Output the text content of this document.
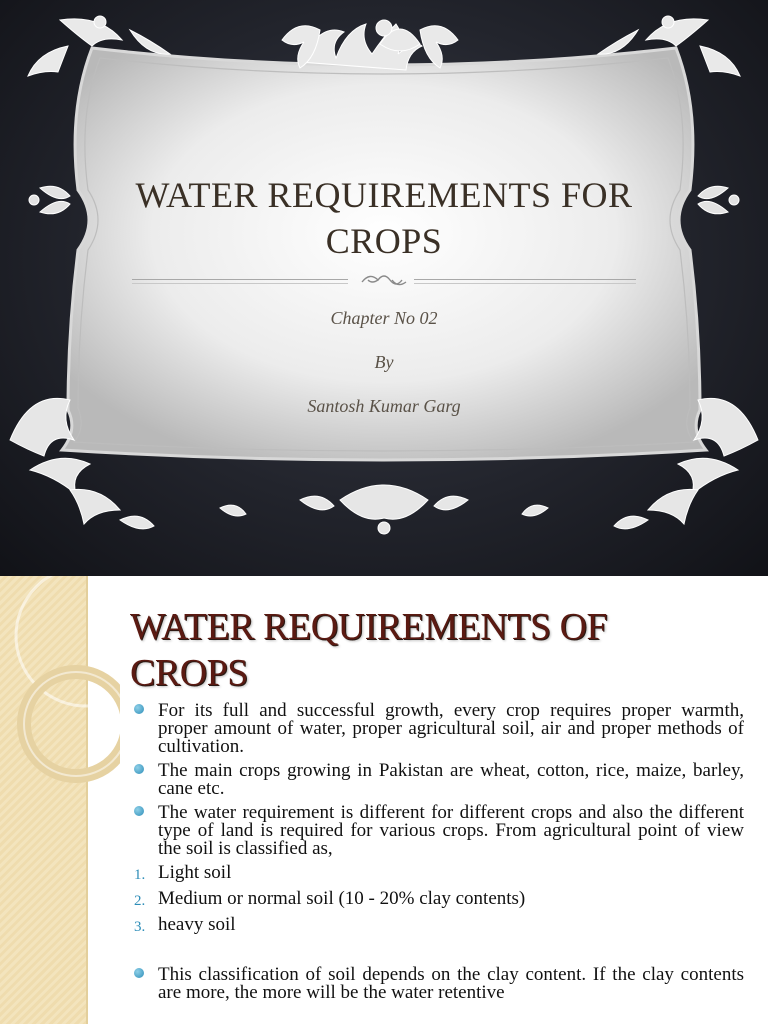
WATER REQUIREMENTS FOR CROPS
Chapter No 02
By
Santosh Kumar Garg
WATER REQUIREMENTS OF
CROPS
For its full and successful growth, every crop requires proper warmth, proper amount of water, proper agricultural soil, air and proper methods of cultivation.
The main crops growing in Pakistan are wheat, cotton, rice, maize, barley, cane etc.
The water requirement is different for different crops and also the different type of land is required for various crops. From agricultural point of view the soil is classified as,
1. Light soil
2. Medium or normal soil (10 - 20% clay contents)
3. heavy soil
This classification of soil depends on the clay content. If the clay contents are more, the more will be the water retentive
